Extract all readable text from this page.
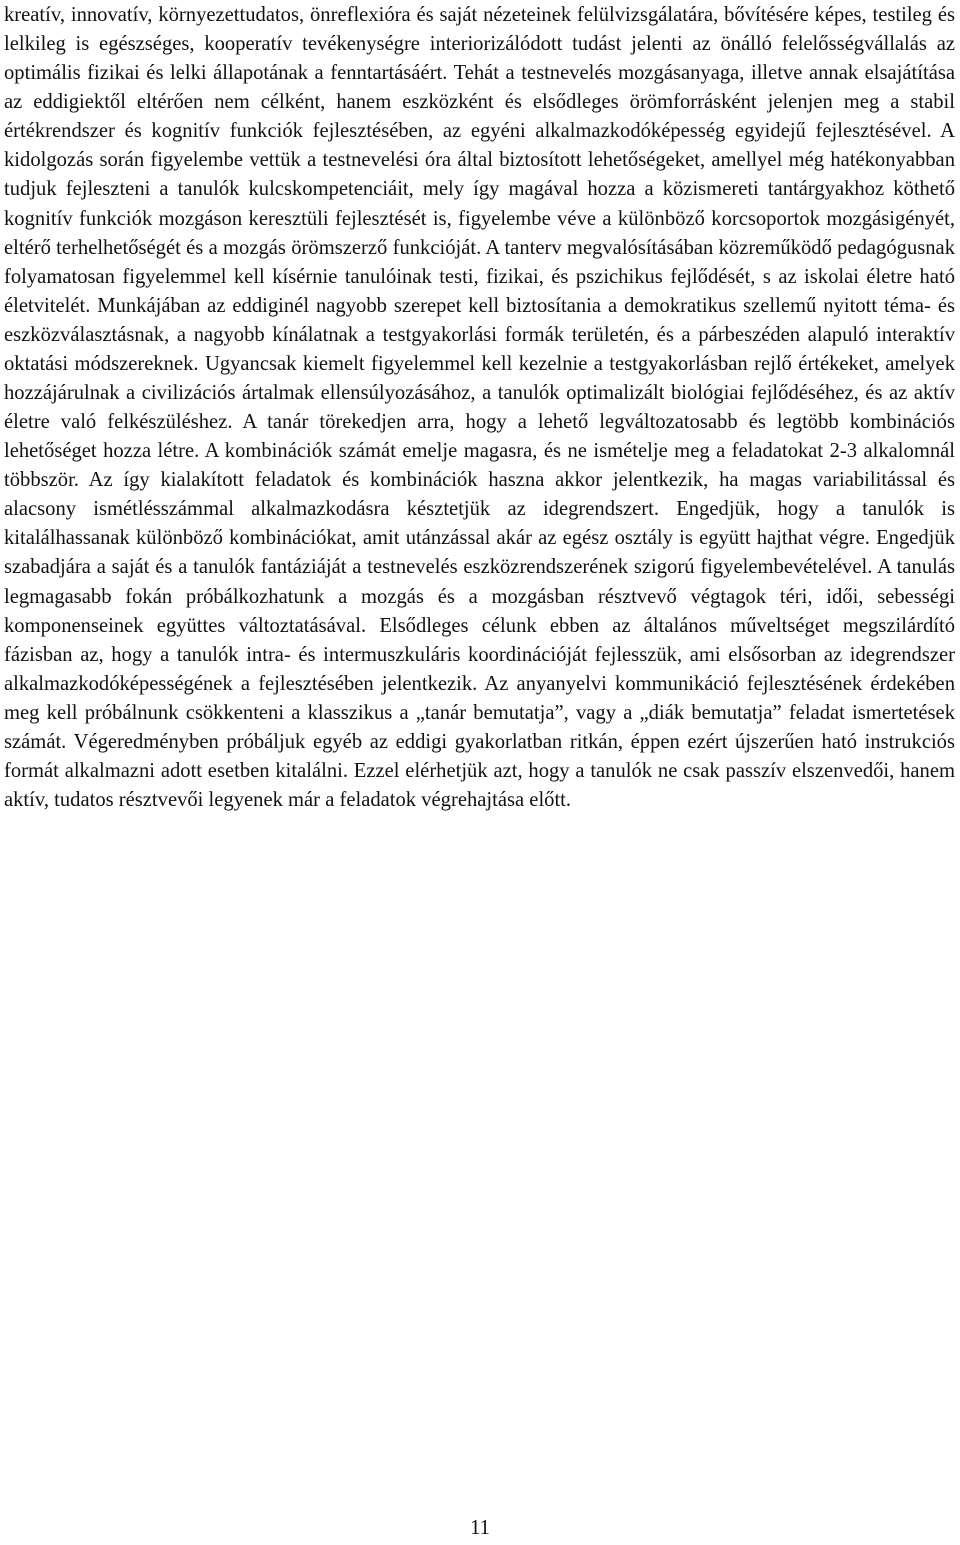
kreatív, innovatív, környezettudatos, önreflexióra és saját nézeteinek felülvizsgálatára, bővítésére képes, testileg és lelkileg is egészséges, kooperatív tevékenységre interiorizálódott tudást jelenti az önálló felelősségvállalás az optimális fizikai és lelki állapotának a fenntartásáért. Tehát a testnevelés mozgásanyaga, illetve annak elsajátítása az eddigiektől eltérően nem célként, hanem eszközként és elsődleges örömforrásként jelenjen meg a stabil értékrendszer és kognitív funkciók fejlesztésében, az egyéni alkalmazkodóképesség egyidejű fejlesztésével. A kidolgozás során figyelembe vettük a testnevelési óra által biztosított lehetőségeket, amellyel még hatékonyabban tudjuk fejleszteni a tanulók kulcskompetenciáit, mely így magával hozza a közismereti tantárgyakhoz köthető kognitív funkciók mozgáson keresztüli fejlesztését is, figyelembe véve a különböző korcsoportok mozgásigényét, eltérő terhelhetőségét és a mozgás örömszerző funkcióját. A tanterv megvalósításában közreműködő pedagógusnak folyamatosan figyelemmel kell kísérnie tanulóinak testi, fizikai, és pszichikus fejlődését, s az iskolai életre ható életvitelét. Munkájában az eddiginél nagyobb szerepet kell biztosítania a demokratikus szellemű nyitott téma- és eszközválasztásnak, a nagyobb kínálatnak a testgyakorlási formák területén, és a párbeszéden alapuló interaktív oktatási módszereknek. Ugyancsak kiemelt figyelemmel kell kezelnie a testgyakorlásban rejlő értékeket, amelyek hozzájárulnak a civilizációs ártalmak ellensúlyozásához, a tanulók optimalizált biológiai fejlődéséhez, és az aktív életre való felkészüléshez. A tanár törekedjen arra, hogy a lehető legváltozatosabb és legtöbb kombinációs lehetőséget hozza létre. A kombinációk számát emelje magasra, és ne ismételje meg a feladatokat 2-3 alkalomnál többször. Az így kialakított feladatok és kombinációk haszna akkor jelentkezik, ha magas variabilitással és alacsony ismétlésszámmal alkalmazkodásra késztetjük az idegrendszert. Engedjük, hogy a tanulók is kitalálhassanak különböző kombinációkat, amit utánzással akár az egész osztály is együtt hajthat végre. Engedjük szabadjára a saját és a tanulók fantáziáját a testnevelés eszközrendszerének szigorú figyelembevételével. A tanulás legmagasabb fokán próbálkozhatunk a mozgás és a mozgásban résztvevő végtagok téri, idői, sebességi komponenseinek együttes változtatásával. Elsődleges célunk ebben az általános műveltséget megszilárdító fázisban az, hogy a tanulók intra- és intermuszkuláris koordinációját fejlesszük, ami elsősorban az idegrendszer alkalmazkodóképességének a fejlesztésében jelentkezik. Az anyanyelvi kommunikáció fejlesztésének érdekében meg kell próbálnunk csökkenteni a klasszikus a „tanár bemutatja”, vagy a „diák bemutatja” feladat ismertetések számát. Végeredményben próbáljuk egyéb az eddigi gyakorlatban ritkán, éppen ezért újszerűen ható instrukciós formát alkalmazni adott esetben kitalálni. Ezzel elérhetjük azt, hogy a tanulók ne csak passzív elszenvedői, hanem aktív, tudatos résztvevői legyenek már a feladatok végrehajtása előtt.

11
